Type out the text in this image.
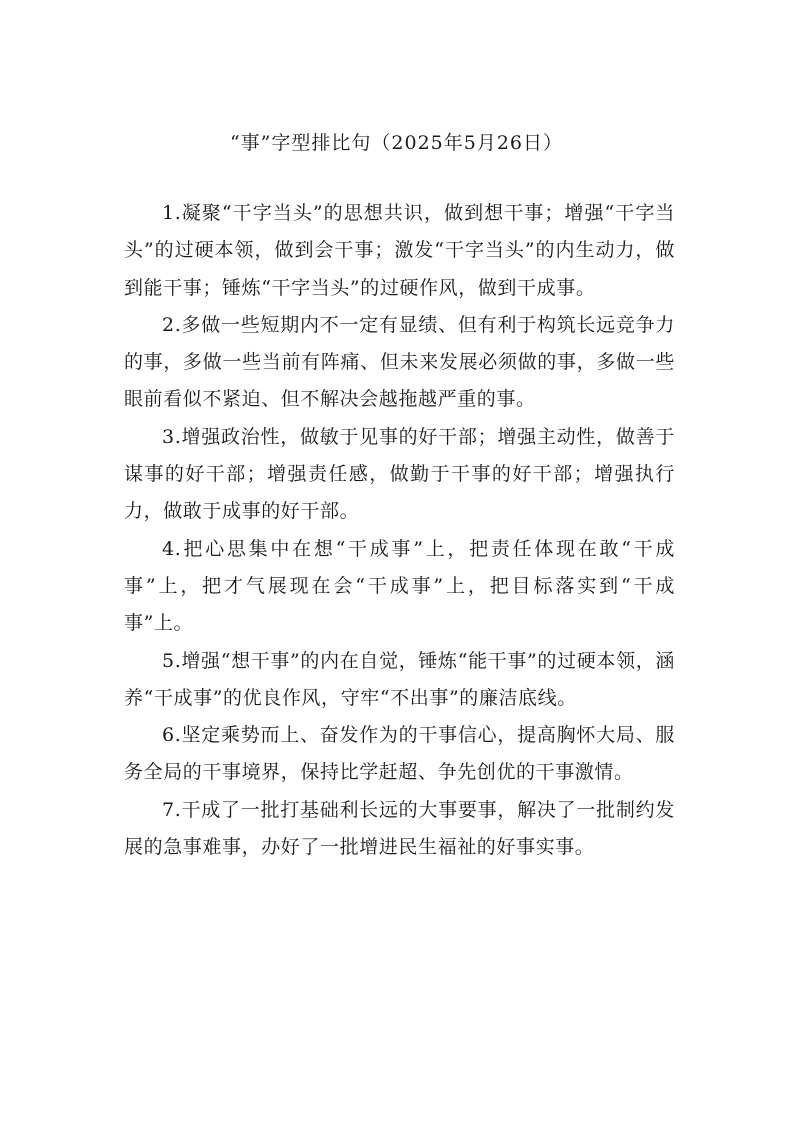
“事”字型排比句（2025年5月26日）

1.凝聚“干字当头”的思想共识，做到想干事；增强“干字当头”的过硬本领，做到会干事；激发“干字当头”的内生动力，做到能干事；锤炼“干字当头”的过硬作风，做到干成事。

2.多做一些短期内不一定有显绩、但有利于构筑长远竞争力的事，多做一些当前有阵痛、但未来发展必须做的事，多做一些眼前看似不紧迫、但不解决会越拖越严重的事。

3.增强政治性，做敏于见事的好干部；增强主动性，做善于谋事的好干部；增强责任感，做勤于干事的好干部；增强执行力，做敢于成事的好干部。

4.把心思集中在想“干成事”上，把责任体现在敢“干成事”上，把才气展现在会“干成事”上，把目标落实到“干成事”上。

5.增强“想干事”的内在自觉，锤炼“能干事”的过硬本领，涵养“干成事”的优良作风，守牢“不出事”的廉洁底线。

6.坚定乘势而上、奋发作为的干事信心，提高胸怀大局、服务全局的干事境界，保持比学赶超、争先创优的干事激情。

7.干成了一批打基础利长远的大事要事，解决了一批制约发展的急事难事，办好了一批增进民生福祉的好事实事。
